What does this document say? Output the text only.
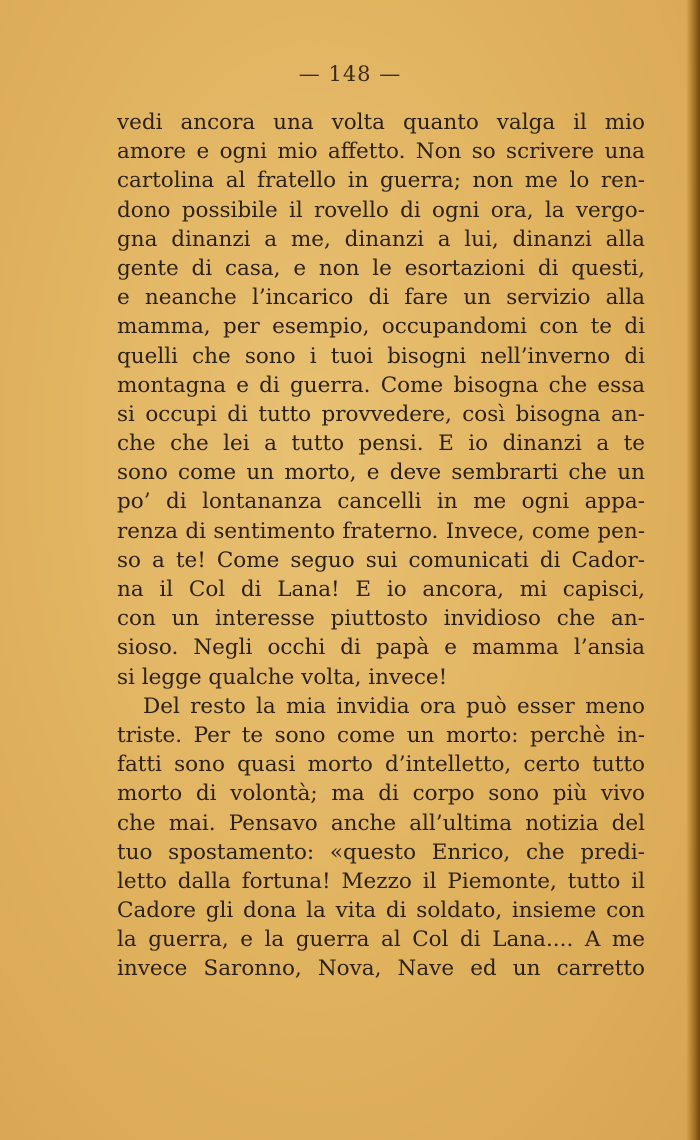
— 148 —
vedi ancora una volta quanto valga il mio
amore e ogni mio affetto. Non so scrivere una
cartolina al fratello in guerra; non me lo ren-
dono possibile il rovello di ogni ora, la vergo-
gna dinanzi a me, dinanzi a lui, dinanzi alla
gente di casa, e non le esortazioni di questi,
e neanche l’incarico di fare un servizio alla
mamma, per esempio, occupandomi con te di
quelli che sono i tuoi bisogni nell’inverno di
montagna e di guerra. Come bisogna che essa
si occupi di tutto provvedere, così bisogna an-
che che lei a tutto pensi. E io dinanzi a te
sono come un morto, e deve sembrarti che un
po’ di lontananza cancelli in me ogni appa-
renza di sentimento fraterno. Invece, come pen-
so a te! Come seguo sui comunicati di Cador-
na il Col di Lana! E io ancora, mi capisci,
con un interesse piuttosto invidioso che an-
sioso. Negli occhi di papà e mamma l’ansia
si legge qualche volta, invece!
Del resto la mia invidia ora può esser meno
triste. Per te sono come un morto: perchè in-
fatti sono quasi morto d’intelletto, certo tutto
morto di volontà; ma di corpo sono più vivo
che mai. Pensavo anche all’ultima notizia del
tuo spostamento: «questo Enrico, che predi-
letto dalla fortuna! Mezzo il Piemonte, tutto il
Cadore gli dona la vita di soldato, insieme con
la guerra, e la guerra al Col di Lana.... A me
invece Saronno, Nova, Nave ed un carretto
